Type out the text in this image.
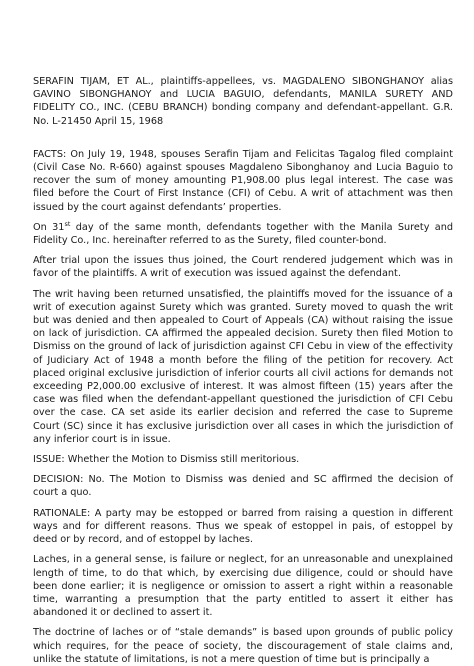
SERAFIN TIJAM, ET AL., plaintiffs-appellees, vs. MAGDALENO SIBONGHANOY alias GAVINO SIBONGHANOY and LUCIA BAGUIO, defendants, MANILA SURETY AND FIDELITY CO., INC. (CEBU BRANCH) bonding company and defendant-appellant. G.R. No. L-21450 April 15, 1968

FACTS: On July 19, 1948, spouses Serafin Tijam and Felicitas Tagalog filed complaint (Civil Case No. R-660) against spouses Magdaleno Sibonghanoy and Lucia Baguio to recover the sum of money amounting P1,908.00 plus legal interest. The case was filed before the Court of First Instance (CFI) of Cebu. A writ of attachment was then issued by the court against defendants’ properties.

On 31st day of the same month, defendants together with the Manila Surety and Fidelity Co., Inc. hereinafter referred to as the Surety, filed counter-bond.

After trial upon the issues thus joined, the Court rendered judgement which was in favor of the plaintiffs. A writ of execution was issued against the defendant.

The writ having been returned unsatisfied, the plaintiffs moved for the issuance of a writ of execution against Surety which was granted. Surety moved to quash the writ but was denied and then appealed to Court of Appeals (CA) without raising the issue on lack of jurisdiction. CA affirmed the appealed decision. Surety then filed Motion to Dismiss on the ground of lack of jurisdiction against CFI Cebu in view of the effectivity of Judiciary Act of 1948 a month before the filing of the petition for recovery. Act placed original exclusive jurisdiction of inferior courts all civil actions for demands not exceeding P2,000.00 exclusive of interest. It was almost fifteen (15) years after the case was filed when the defendant-appellant questioned the jurisdiction of CFI Cebu over the case. CA set aside its earlier decision and referred the case to Supreme Court (SC) since it has exclusive jurisdiction over all cases in which the jurisdiction of any inferior court is in issue.

ISSUE: Whether the Motion to Dismiss still meritorious.

DECISION: No. The Motion to Dismiss was denied and SC affirmed the decision of court a quo.

RATIONALE: A party may be estopped or barred from raising a question in different ways and for different reasons. Thus we speak of estoppel in pais, of estoppel by deed or by record, and of estoppel by laches.

Laches, in a general sense, is failure or neglect, for an unreasonable and unexplained length of time, to do that which, by exercising due diligence, could or should have been done earlier; it is negligence or omission to assert a right within a reasonable time, warranting a presumption that the party entitled to assert it either has abandoned it or declined to assert it.

The doctrine of laches or of “stale demands” is based upon grounds of public policy which requires, for the peace of society, the discouragement of stale claims and, unlike the statute of limitations, is not a mere question of time but is principally a
